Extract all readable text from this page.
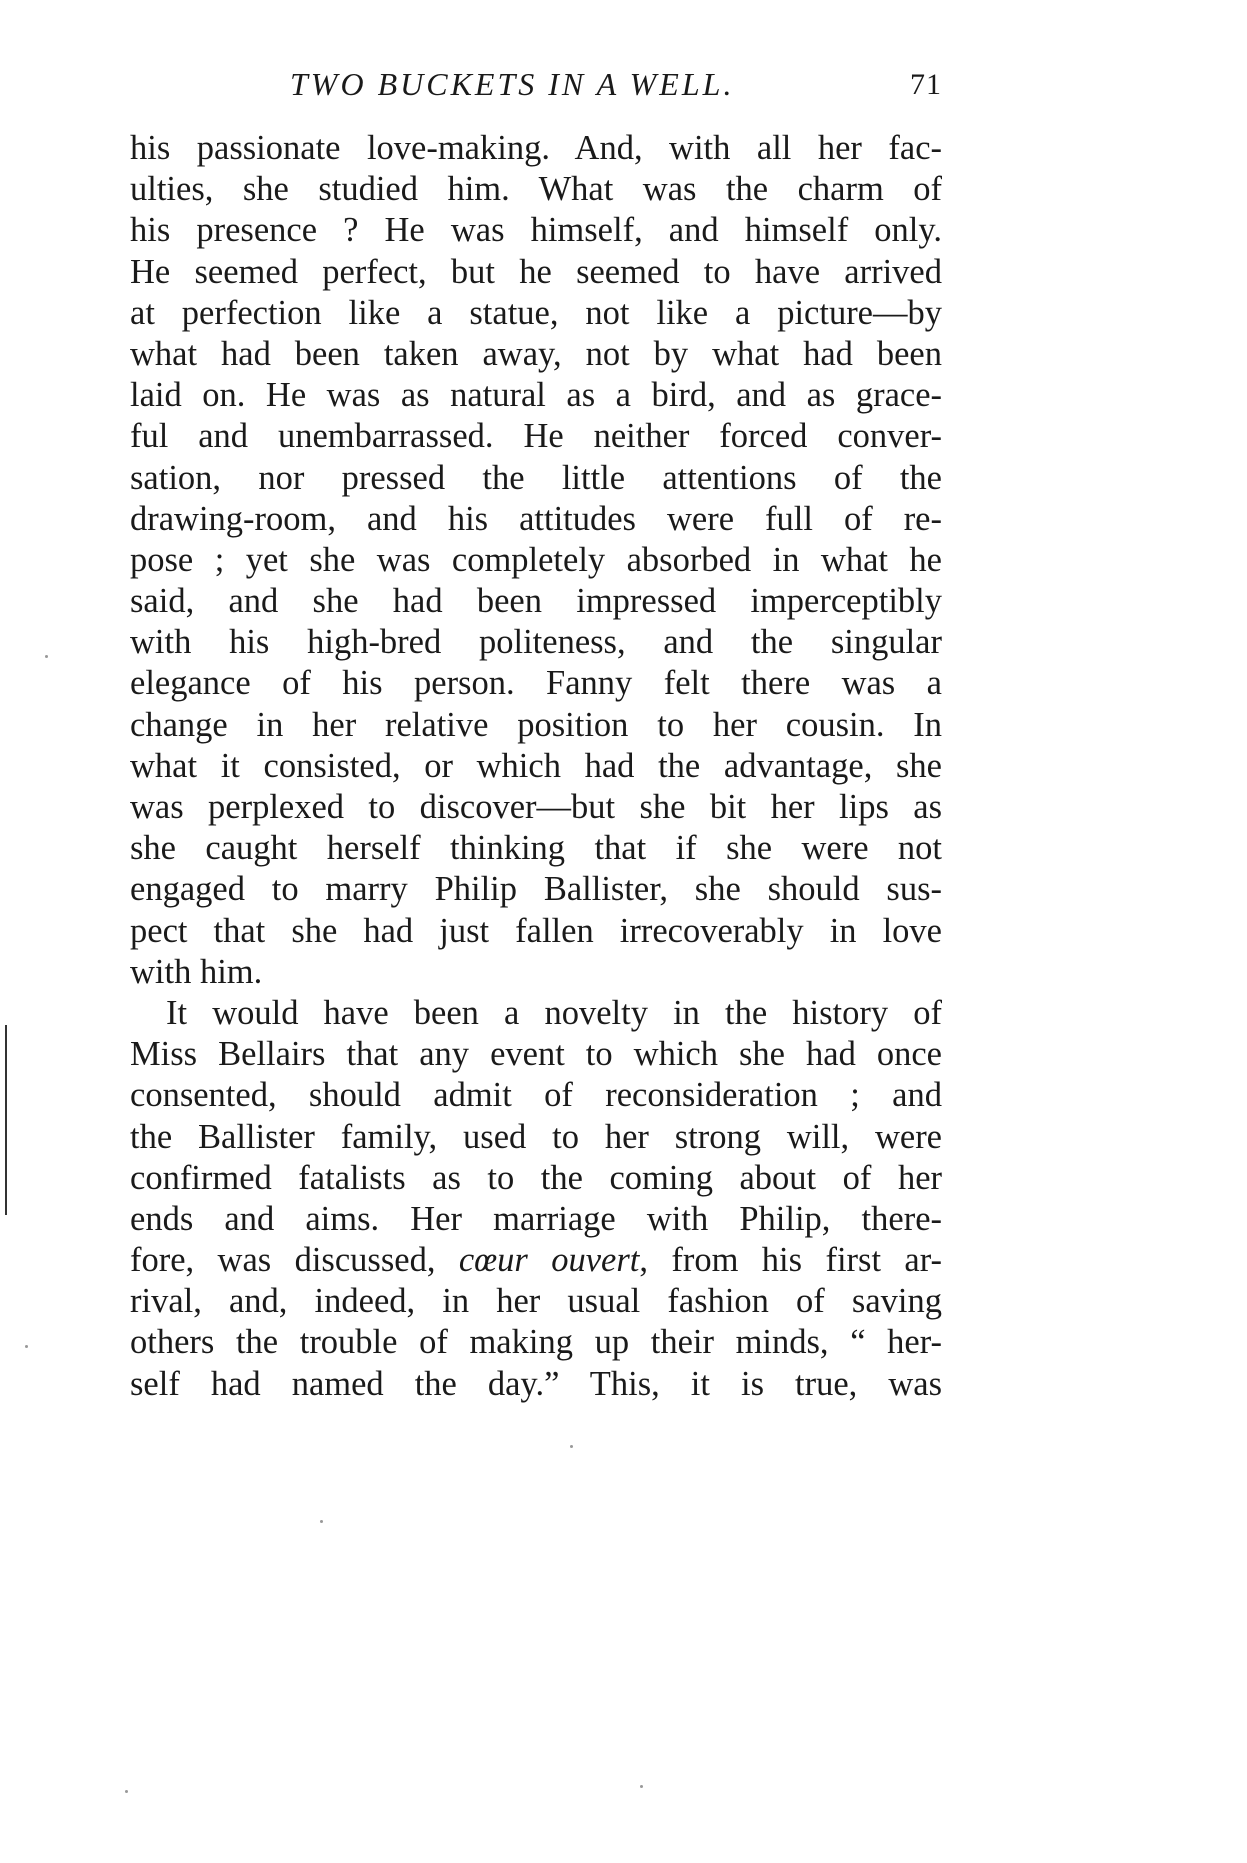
TWO BUCKETS IN A WELL.	71
his passionate love-making. And, with all her fac-
ulties, she studied him. What was the charm of
his presence ? He was himself, and himself only.
He seemed perfect, but he seemed to have arrived
at perfection like a statue, not like a picture—by
what had been taken away, not by what had been
laid on. He was as natural as a bird, and as grace-
ful and unembarrassed. He neither forced conver-
sation, nor pressed the little attentions of the
drawing-room, and his attitudes were full of re-
pose ; yet she was completely absorbed in what he
said, and she had been impressed imperceptibly
with his high-bred politeness, and the singular
elegance of his person. Fanny felt there was a
change in her relative position to her cousin. In
what it consisted, or which had the advantage, she
was perplexed to discover—but she bit her lips as
she caught herself thinking that if she were not
engaged to marry Philip Ballister, she should sus-
pect that she had just fallen irrecoverably in love
with him.
It would have been a novelty in the history of
Miss Bellairs that any event to which she had once
consented, should admit of reconsideration ; and
the Ballister family, used to her strong will, were
confirmed fatalists as to the coming about of her
ends and aims. Her marriage with Philip, there-
fore, was discussed, cœur ouvert, from his first ar-
rival, and, indeed, in her usual fashion of saving
others the trouble of making up their minds, “ her-
self had named the day.” This, it is true, was
